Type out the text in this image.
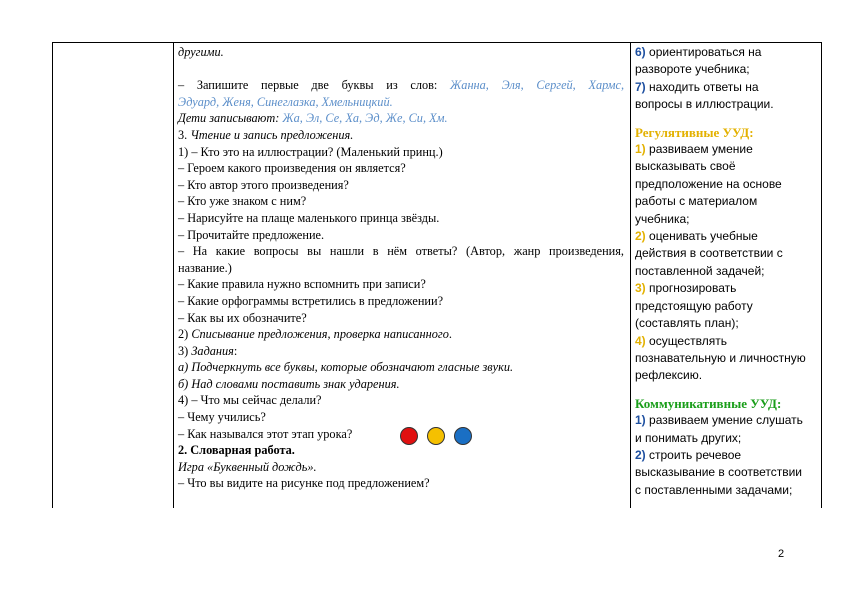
другими.
– Запишите первые две буквы из слов: Жанна, Эля, Сергей, Хармс,
Эдуард, Женя, Синеглазка, Хмельницкий.
Дети записывают: Жа, Эл, Се, Ха, Эд, Же, Си, Хм.
3. Чтение и запись предложения.
1) – Кто это на иллюстрации? (Маленький принц.)
– Героем какого произведения он является?
– Кто автор этого произведения?
– Кто уже знаком с ним?
– Нарисуйте на плаще маленького принца звёзды.
– Прочитайте предложение.
– На какие вопросы вы нашли в нём ответы? (Автор, жанр произведения,
название.)
– Какие правила нужно вспомнить при записи?
– Какие орфограммы встретились в предложении?
– Как вы их обозначите?
2) Списывание предложения, проверка написанного.
3) Задания:
а) Подчеркнуть все буквы, которые обозначают гласные звуки.
б) Над словами поставить знак ударения.
4) – Что мы сейчас делали?
– Чему учились?
– Как назывался этот этап урока?
2. Словарная работа.
Игра «Буквенный дождь».
– Что вы видите на рисунке под предложением?
6) ориентироваться на
развороте учебника;
7) находить ответы на
вопросы в иллюстрации.
Регулятивные УУД:
1) развиваем умение
высказывать своё
предположение на основе
работы с материалом
учебника;
2) оценивать учебные
действия в соответствии с
поставленной задачей;
3) прогнозировать
предстоящую работу
(составлять план);
4) осуществлять
познавательную и личностную
рефлексию.
Коммуникативные УУД:
1) развиваем умение слушать
и понимать других;
2) строить речевое
высказывание в соответствии
с поставленными задачами;
2
